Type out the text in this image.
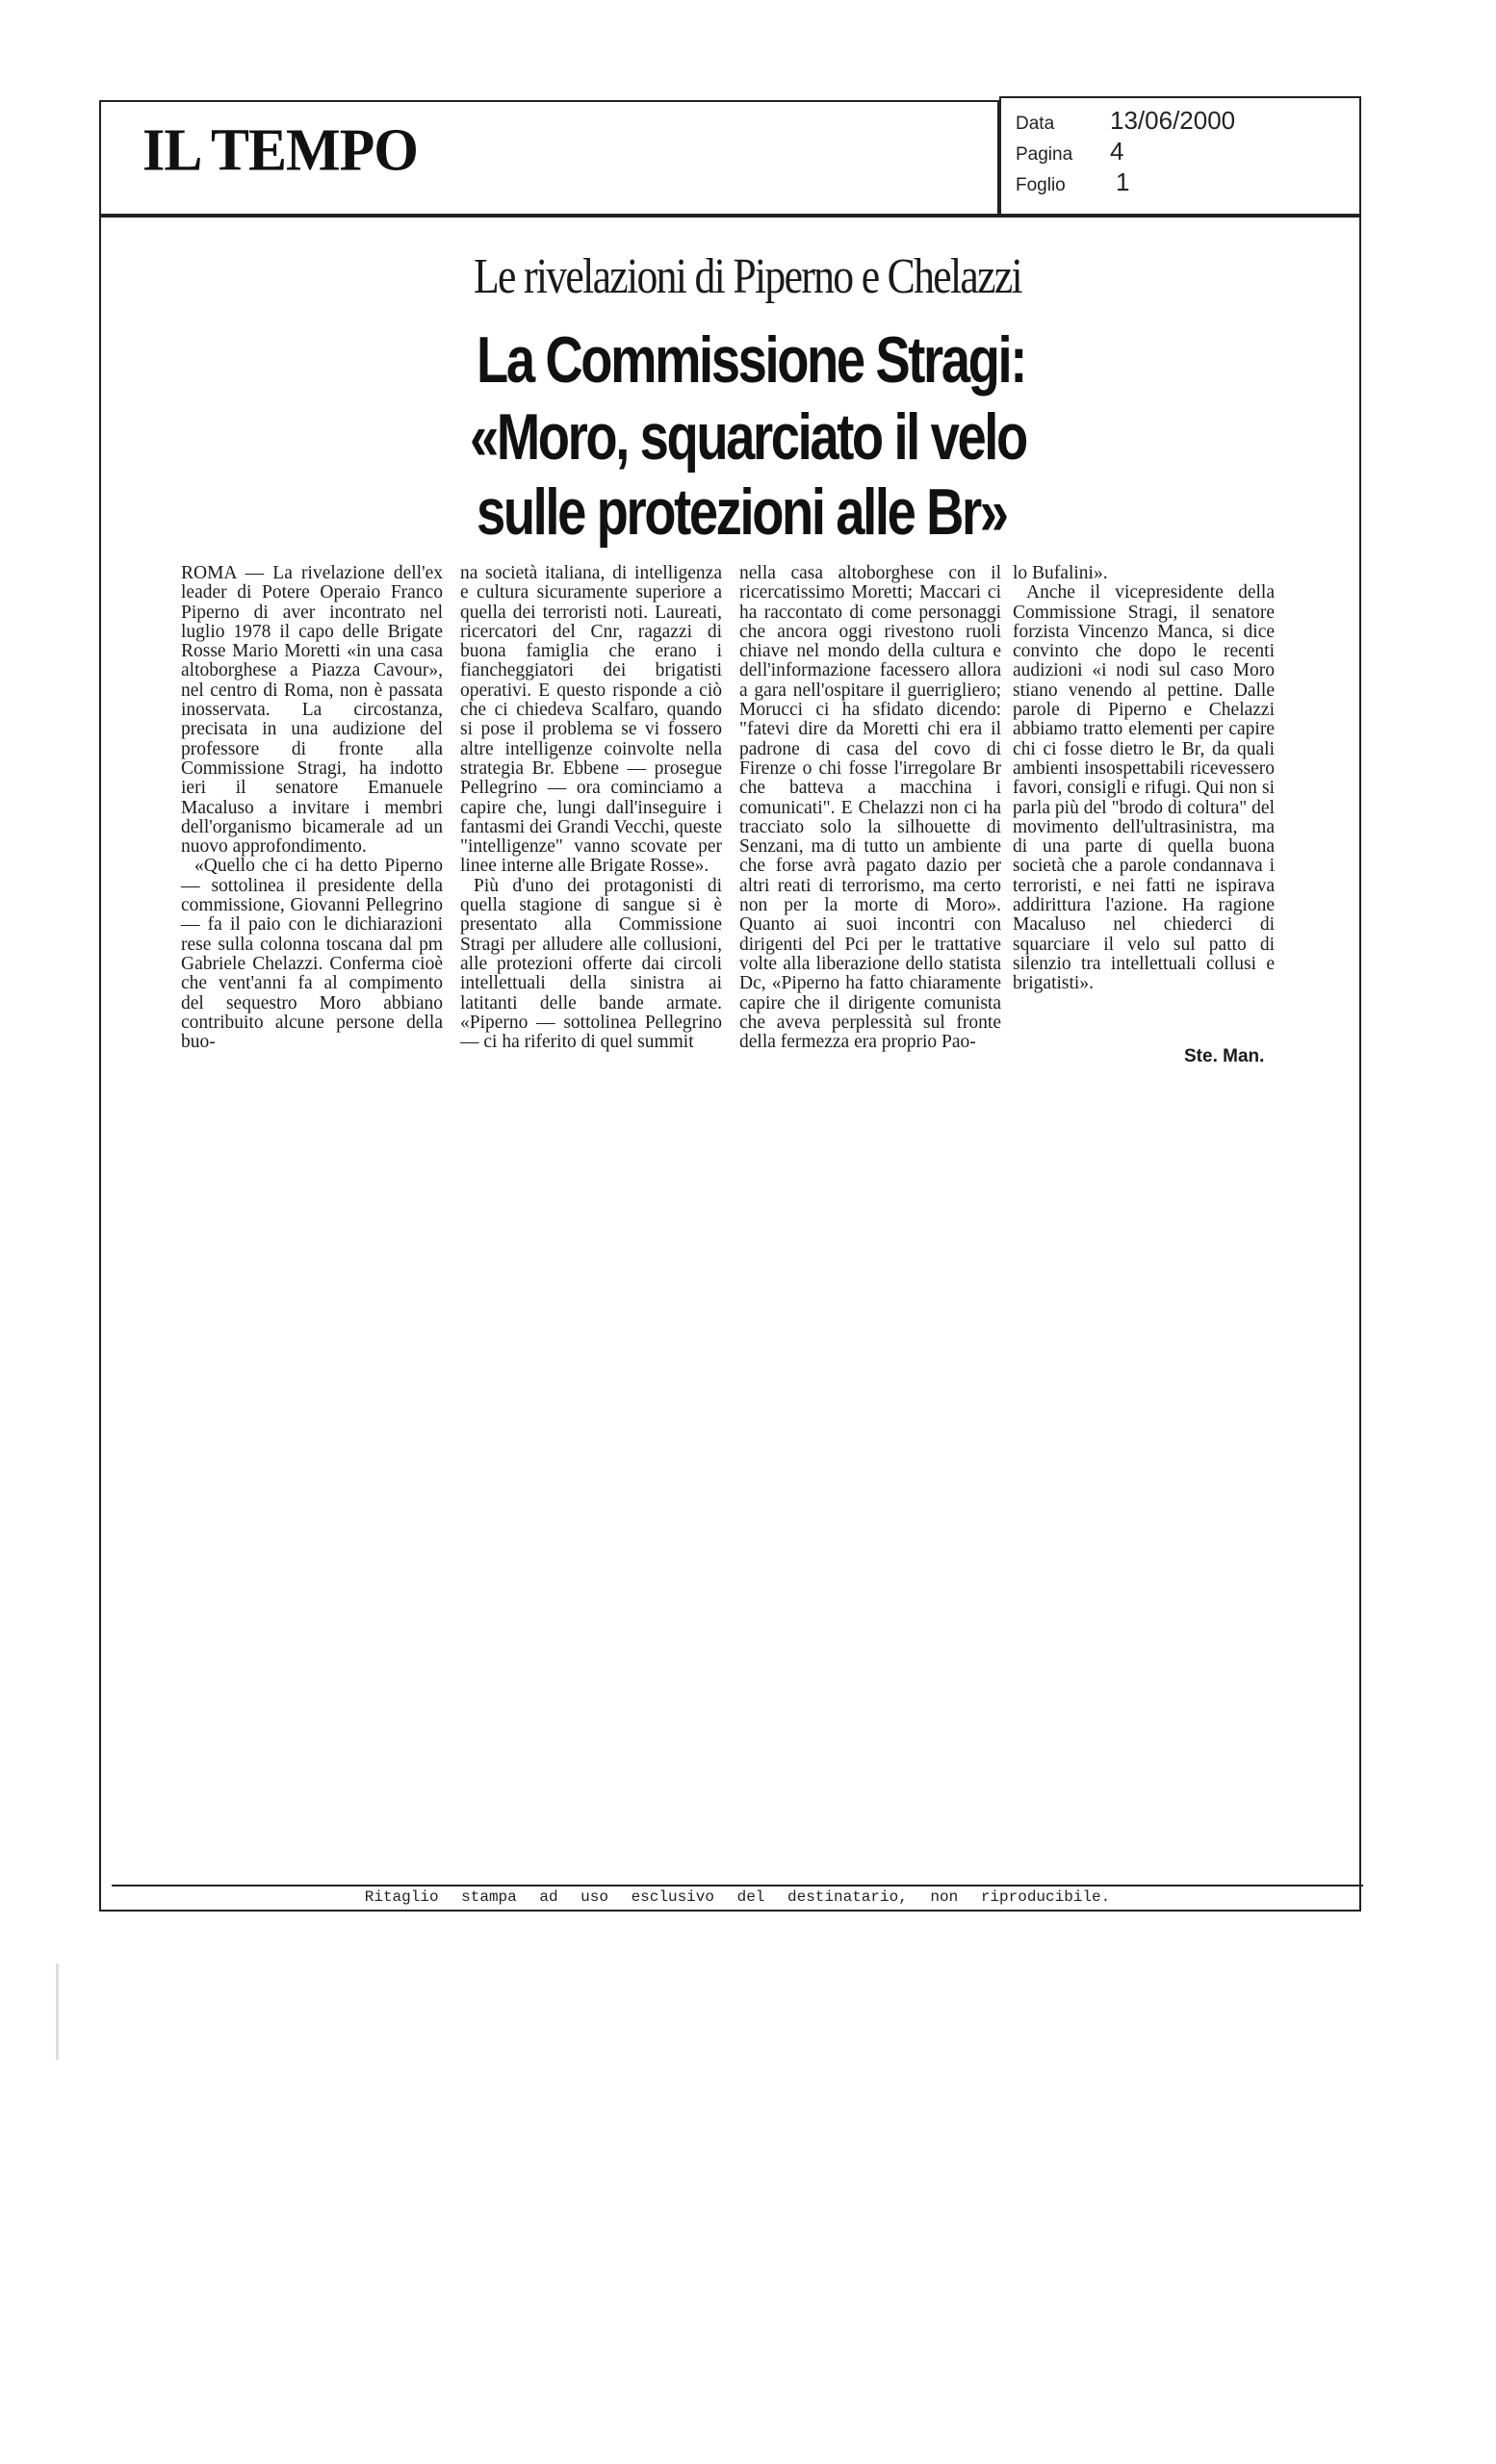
IL TEMPO	Data 13/06/2000
Pagina 4
Foglio 1
Le rivelazioni di Piperno e Chelazzi
La Commissione Stragi:
«Moro, squarciato il velo
sulle protezioni alle Br»

ROMA — La rivelazione dell'ex leader di Potere Operaio Franco Piperno di aver incontrato nel luglio 1978 il capo delle Brigate Rosse Mario Moretti «in una casa altoborghese a Piazza Cavour», nel centro di Roma, non è passata inosservata. La circostanza, precisata in una audizione del professore di fronte alla Commissione Stragi, ha indotto ieri il senatore Emanuele Macaluso a invitare i membri dell'organismo bicamerale ad un nuovo approfondimento.

«Quello che ci ha detto Piperno — sottolinea il presidente della commissione, Giovanni Pellegrino — fa il paio con le dichiarazioni rese sulla colonna toscana dal pm Gabriele Chelazzi. Conferma cioè che vent'anni fa al compimento del sequestro Moro abbiano contribuito alcune persone della buo-

na società italiana, di intelligenza e cultura sicuramente superiore a quella dei terroristi noti. Laureati, ricercatori del Cnr, ragazzi di buona famiglia che erano i fiancheggiatori dei brigatisti operativi. E questo risponde a ciò che ci chiedeva Scalfaro, quando si pose il problema se vi fossero altre intelligenze coinvolte nella strategia Br. Ebbene — prosegue Pellegrino — ora cominciamo a capire che, lungi dall'inseguire i fantasmi dei Grandi Vecchi, queste "intelligenze" vanno scovate per linee interne alle Brigate Rosse».

Più d'uno dei protagonisti di quella stagione di sangue si è presentato alla Commissione Stragi per alludere alle collusioni, alle protezioni offerte dai circoli intellettuali della sinistra ai latitanti delle bande armate. «Piperno — sottolinea Pellegrino — ci ha riferito di quel summit

nella casa altoborghese con il ricercatissimo Moretti; Maccari ci ha raccontato di come personaggi che ancora oggi rivestono ruoli chiave nel mondo della cultura e dell'informazione facessero allora a gara nell'ospitare il guerrigliero; Morucci ci ha sfidato dicendo: "fatevi dire da Moretti chi era il padrone di casa del covo di Firenze o chi fosse l'irregolare Br che batteva a macchina i comunicati". E Chelazzi non ci ha tracciato solo la silhouette di Senzani, ma di tutto un ambiente che forse avrà pagato dazio per altri reati di terrorismo, ma certo non per la morte di Moro». Quanto ai suoi incontri con dirigenti del Pci per le trattative volte alla liberazione dello statista Dc, «Piperno ha fatto chiaramente capire che il dirigente comunista che aveva perplessità sul fronte della fermezza era proprio Pao-

lo Bufalini».

Anche il vicepresidente della Commissione Stragi, il senatore forzista Vincenzo Manca, si dice convinto che dopo le recenti audizioni «i nodi sul caso Moro stiano venendo al pettine. Dalle parole di Piperno e Chelazzi abbiamo tratto elementi per capire chi ci fosse dietro le Br, da quali ambienti insospettabili ricevessero favori, consigli e rifugi. Qui non si parla più del "brodo di coltura" del movimento dell'ultrasinistra, ma di una parte di quella buona società che a parole condannava i terroristi, e nei fatti ne ispirava addirittura l'azione. Ha ragione Macaluso nel chiederci di squarciare il velo sul patto di silenzio tra intellettuali collusi e brigatisti».

Ste. Man.
Ritaglio stampa ad uso esclusivo del destinatario, non riproducibile.
